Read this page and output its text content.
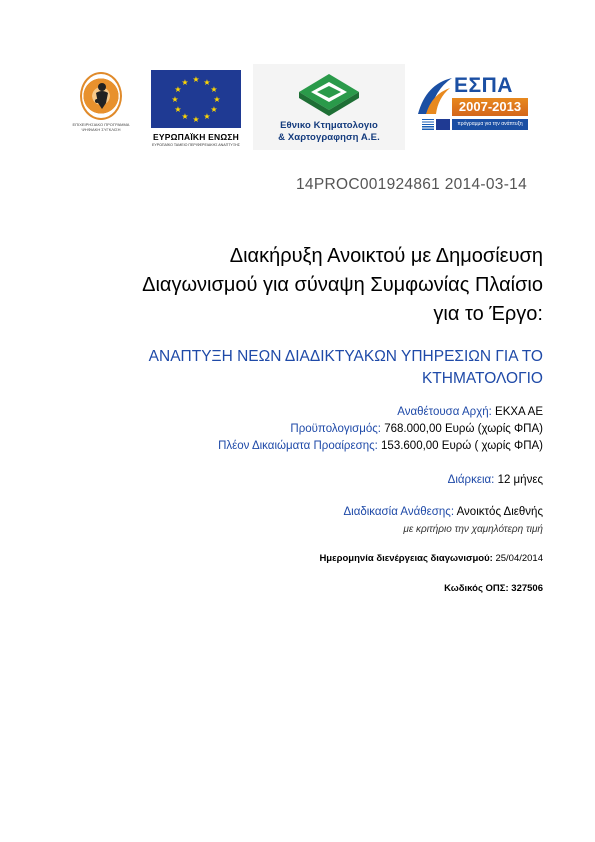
ΕΠΙΧΕΙΡΗΣΙΑΚΟ ΠΡΟΓΡΑΜΜΑ ΨΗΦΙΑΚΗ ΣΥΓΚΛΙΣΗ
★ ★
★
★
★
★
★
★
★
★
★
★
ΕΥΡΩΠΑΪΚΗ ΕΝΩΣΗ
ΕΥΡΩΠΑΪΚΟ ΤΑΜΕΙΟ ΠΕΡΙΦΕΡΕΙΑΚΗΣ ΑΝΑΠΤΥΞΗΣ
Εθνικο Κτηματολογιο
& Χαρτογραφηση Α.Ε.
ΕΣΠΑ
2007-2013
πρόγραμμα για την ανάπτυξη
14PROC001924861 2014-03-14
Διακήρυξη Ανοικτού με Δημοσίευση
Διαγωνισμού για σύναψη Συμφωνίας Πλαίσιο
για το Έργο:
ΑΝΑΠΤΥΞΗ ΝΕΩΝ ΔΙΑΔΙΚΤΥΑΚΩΝ ΥΠΗΡΕΣΙΩΝ ΓΙΑ ΤΟ
ΚΤΗΜΑΤΟΛΟΓΙΟ
Αναθέτουσα Αρχή: ΕΚΧΑ ΑΕ
Προϋπολογισμός: 768.000,00 Ευρώ (χωρίς ΦΠΑ)
Πλέον Δικαιώματα Προαίρεσης: 153.600,00 Ευρώ ( χωρίς ΦΠΑ)
Διάρκεια: 12 μήνες
Διαδικασία Ανάθεσης: Ανοικτός Διεθνής
με κριτήριο την χαμηλότερη τιμή
Ημερομηνία διενέργειας διαγωνισμού: 25/04/2014
Κωδικός ΟΠΣ: 327506
